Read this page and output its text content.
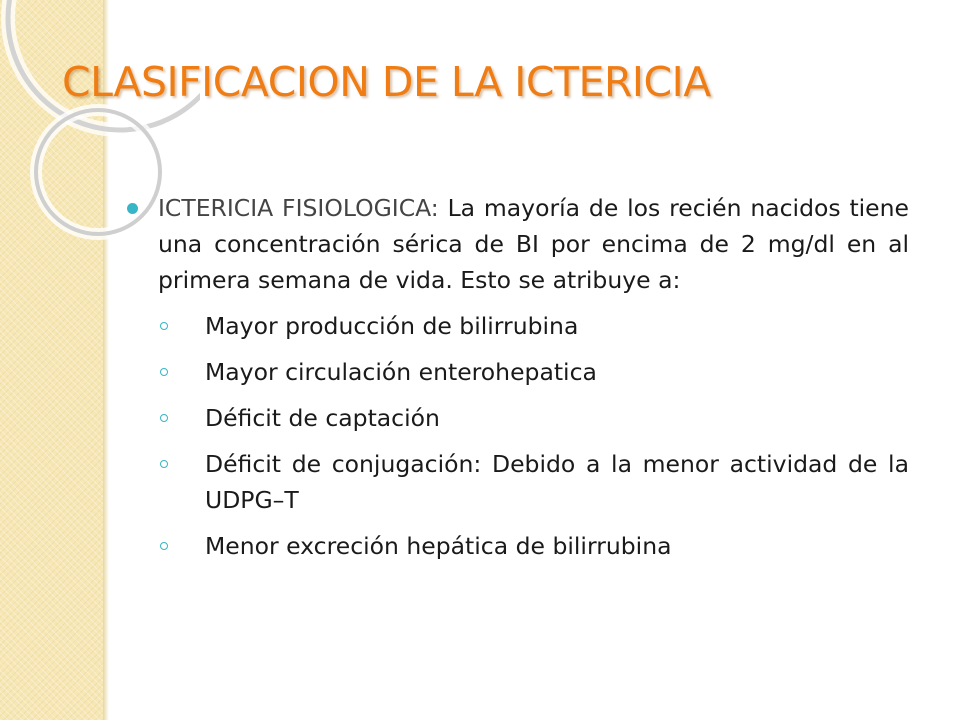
CLASIFICACION DE LA ICTERICIA

ICTERICIA FISIOLOGICA: La mayoría de los recién nacidos tiene una concentración sérica de BI por encima de 2 mg/dl en al primera semana de vida. Esto se atribuye a:

Mayor producción de bilirrubina
Mayor circulación enterohepatica
Déficit de captación
Déficit de conjugación: Debido a la menor actividad de la UDPG–T
Menor excreción hepática de bilirrubina
